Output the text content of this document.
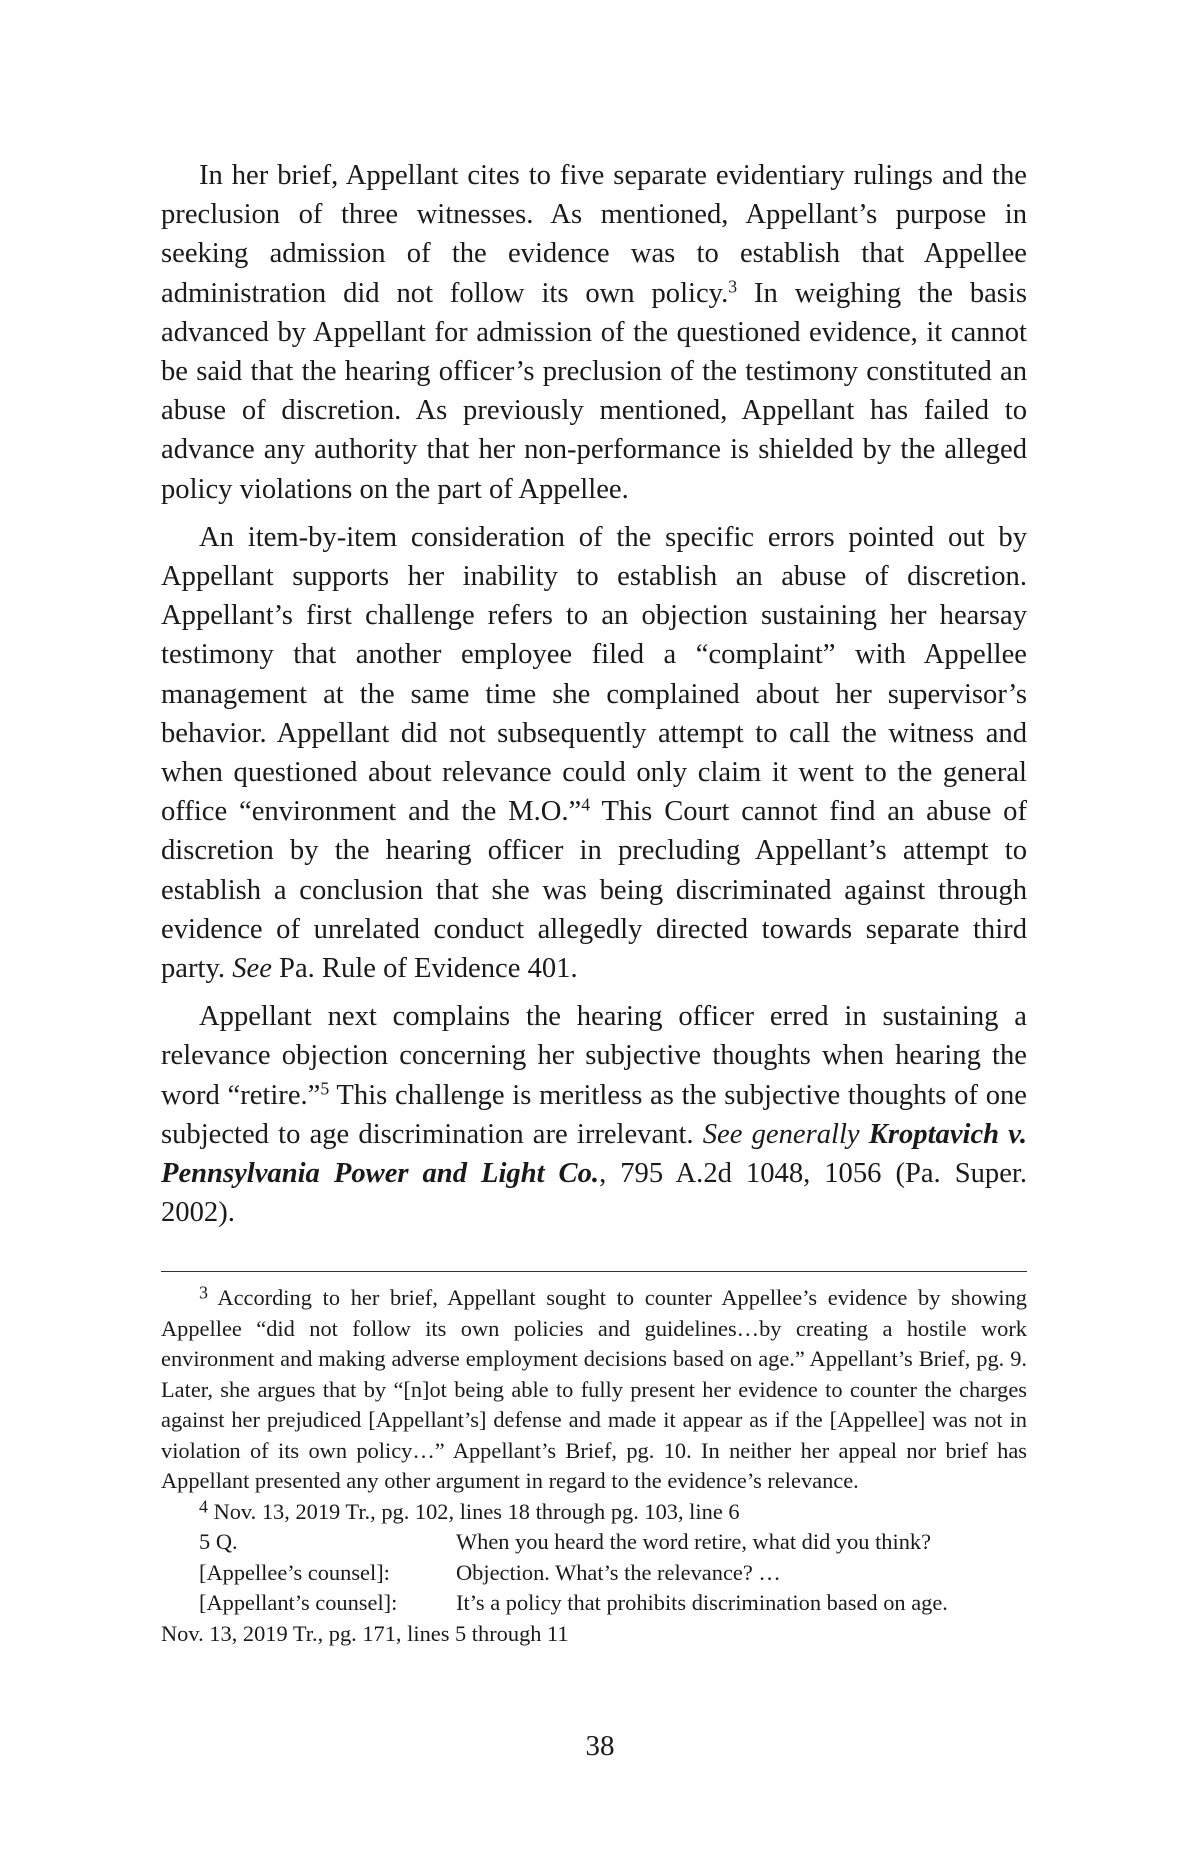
In her brief, Appellant cites to five separate evidentiary rulings and the preclusion of three witnesses. As mentioned, Appellant’s purpose in seeking admission of the evidence was to establish that Appellee administration did not follow its own policy.$^3$ In weighing the basis advanced by Appellant for admission of the questioned evidence, it cannot be said that the hearing officer’s preclusion of the testimony constituted an abuse of discretion. As previously mentioned, Appellant has failed to advance any authority that her non-performance is shielded by the alleged policy violations on the part of Appellee.

An item-by-item consideration of the specific errors pointed out by Appellant supports her inability to establish an abuse of discretion. Appellant’s first challenge refers to an objection sustaining her hearsay testimony that another employee filed a “complaint” with Appellee management at the same time she complained about her supervisor’s behavior. Appellant did not subsequently attempt to call the witness and when questioned about relevance could only claim it went to the general office “environment and the M.O.”$^4$ This Court cannot find an abuse of discretion by the hearing officer in precluding Appellant’s attempt to establish a conclusion that she was being discriminated against through evidence of unrelated conduct allegedly directed towards separate third party. See Pa. Rule of Evidence 401.

Appellant next complains the hearing officer erred in sustaining a relevance objection concerning her subjective thoughts when hearing the word “retire.”$^5$ This challenge is meritless as the subjective thoughts of one subjected to age discrimination are irrelevant. See generally Kroptavich v. Pennsylvania Power and Light Co., 795 A.2d 1048, 1056 (Pa. Super. 2002).

$^3$ According to her brief, Appellant sought to counter Appellee’s evidence by showing Appellee “did not follow its own policies and guidelines…by creating a hostile work environment and making adverse employment decisions based on age.” Appellant’s Brief, pg. 9. Later, she argues that by “[n]ot being able to fully present her evidence to counter the charges against her prejudiced [Appellant’s] defense and made it appear as if the [Appellee] was not in violation of its own policy…” Appellant’s Brief, pg. 10. In neither her appeal nor brief has Appellant presented any other argument in regard to the evidence’s relevance.

$^4$ Nov. 13, 2019 Tr., pg. 102, lines 18 through pg. 103, line 6

5 Q.	When you heard the word retire, what did you think?
[Appellee’s counsel]:	Objection. What’s the relevance? …
[Appellant’s counsel]:	It’s a policy that prohibits discrimination based on age.

Nov. 13, 2019 Tr., pg. 171, lines 5 through 11

38
